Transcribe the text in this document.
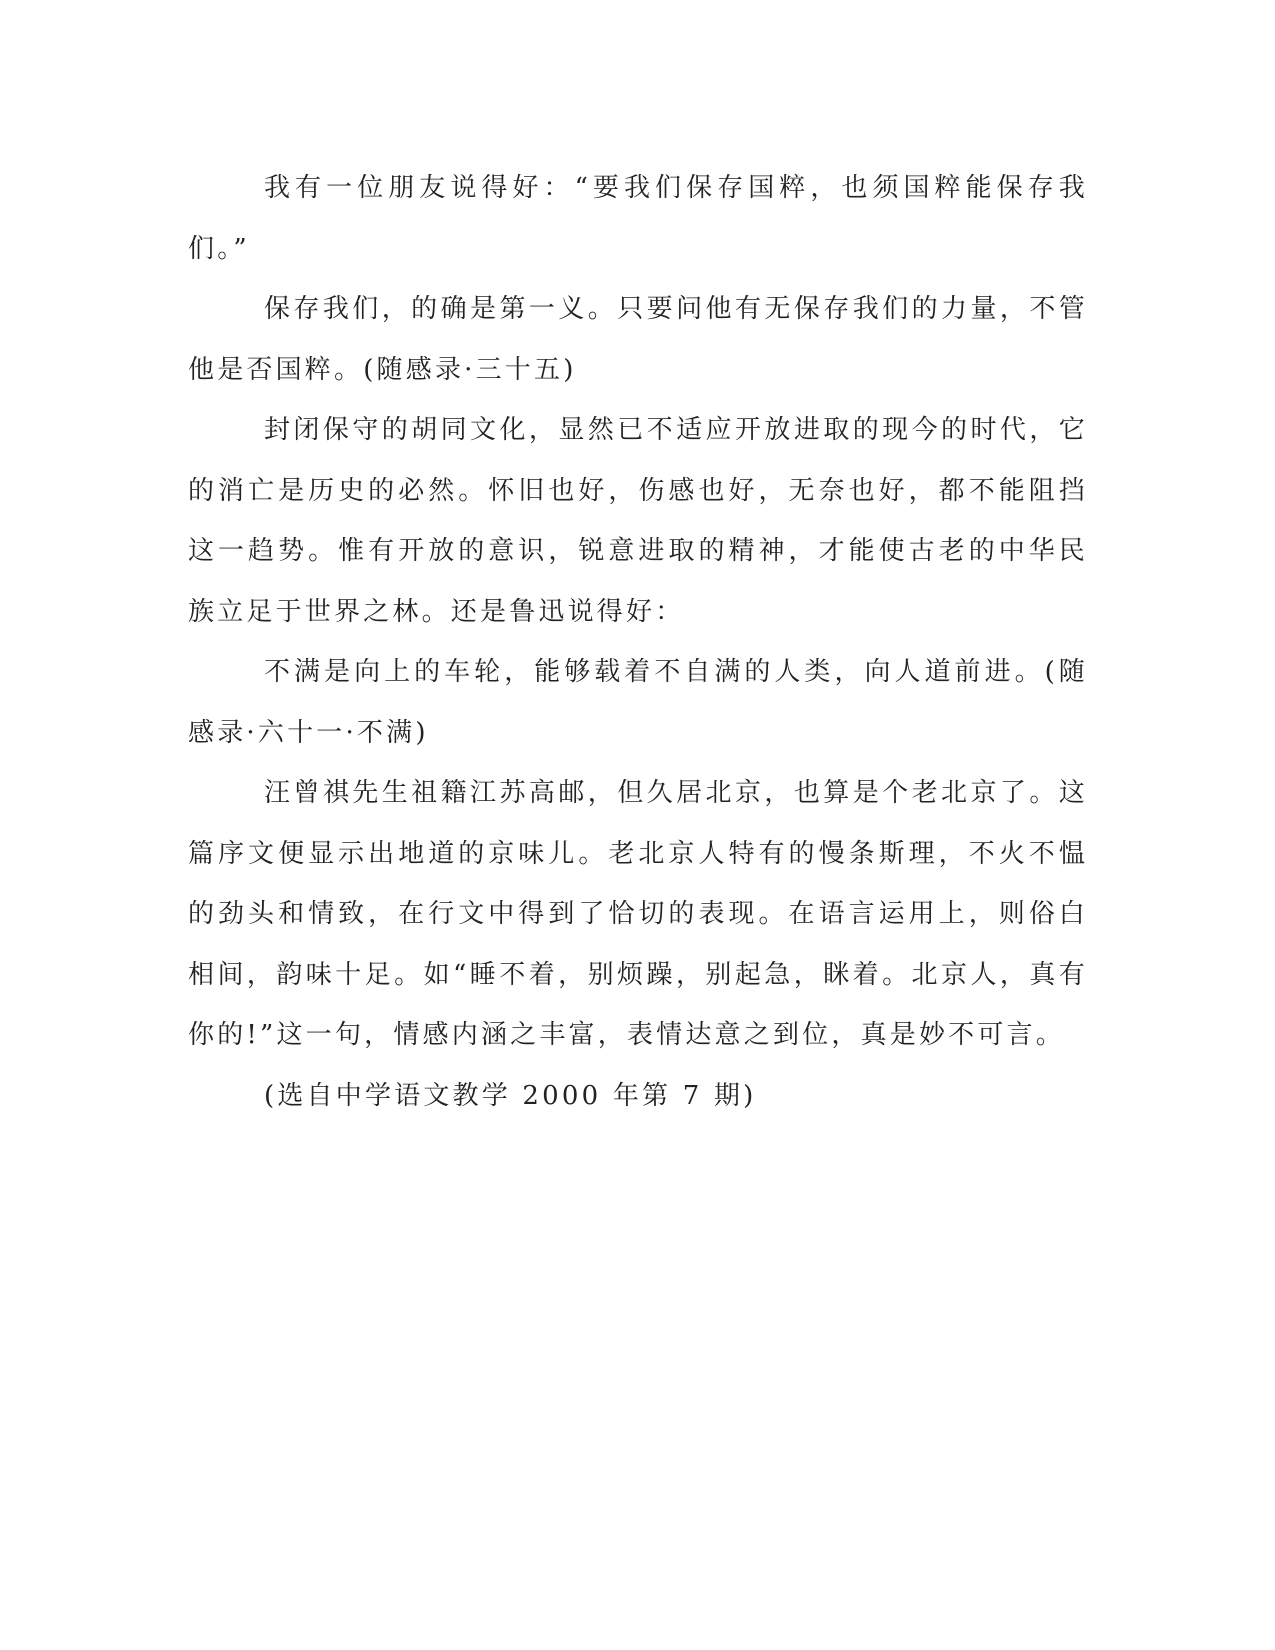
我有一位朋友说得好：“要我们保存国粹，也须国粹能保存我们。”

保存我们，的确是第一义。只要问他有无保存我们的力量，不管他是否国粹。(随感录·三十五)

封闭保守的胡同文化，显然已不适应开放进取的现今的时代，它的消亡是历史的必然。怀旧也好，伤感也好，无奈也好，都不能阻挡这一趋势。惟有开放的意识，锐意进取的精神，才能使古老的中华民族立足于世界之林。还是鲁迅说得好：

不满是向上的车轮，能够载着不自满的人类，向人道前进。(随感录·六十一·不满)

汪曾祺先生祖籍江苏高邮，但久居北京，也算是个老北京了。这篇序文便显示出地道的京味儿。老北京人特有的慢条斯理，不火不愠的劲头和情致，在行文中得到了恰切的表现。在语言运用上，则俗白相间，韵味十足。如“睡不着，别烦躁，别起急，眯着。北京人，真有你的!”这一句，情感内涵之丰富，表情达意之到位，真是妙不可言。

(选自中学语文教学 2000 年第 7 期)
